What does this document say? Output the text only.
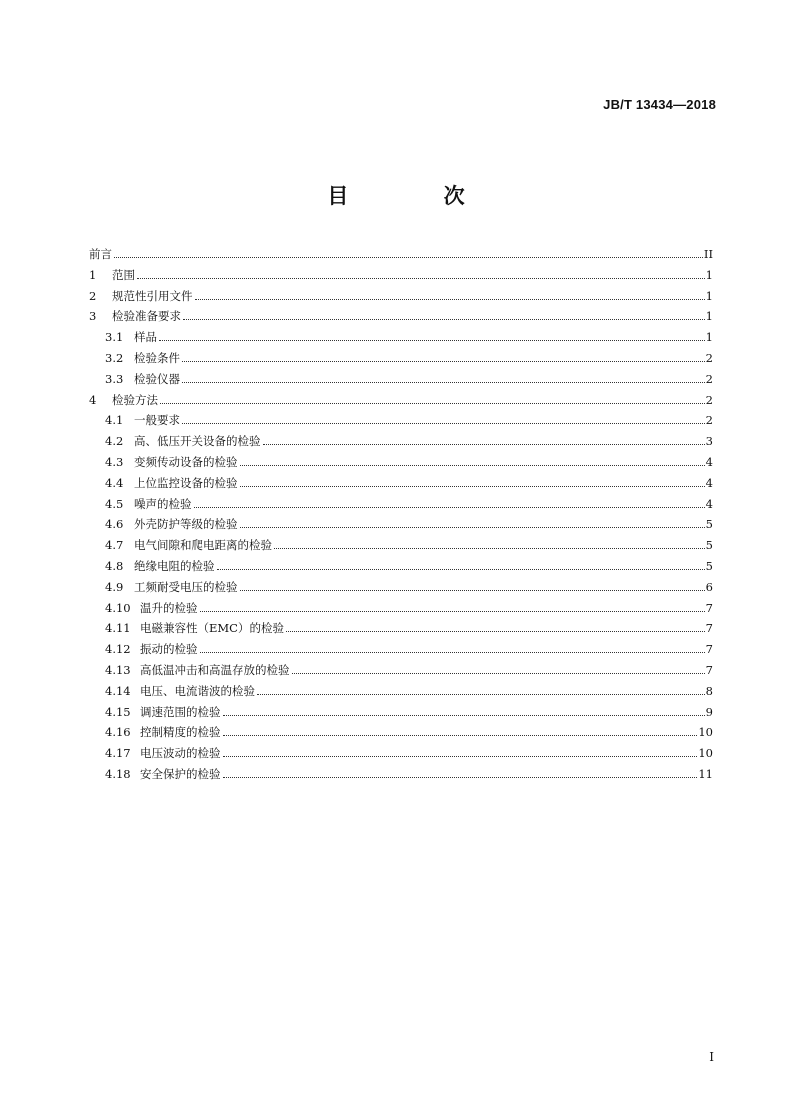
JB/T 13434—2018
目 次
前言	II
1	范围	1
2	规范性引用文件	1
3	检验准备要求	1
3.1 样品	1
3.2 检验条件	2
3.3 检验仪器	2
4	检验方法	2
4.1 一般要求	2
4.2 高、低压开关设备的检验	3
4.3 变频传动设备的检验	4
4.4 上位监控设备的检验	4
4.5 噪声的检验	4
4.6 外壳防护等级的检验	5
4.7 电气间隙和爬电距离的检验	5
4.8 绝缘电阻的检验	5
4.9 工频耐受电压的检验	6
4.10 温升的检验	7
4.11 电磁兼容性（EMC）的检验	7
4.12 振动的检验	7
4.13 高低温冲击和高温存放的检验	7
4.14 电压、电流谐波的检验	8
4.15 调速范围的检验	9
4.16 控制精度的检验	10
4.17 电压波动的检验	10
4.18 安全保护的检验	11
I
